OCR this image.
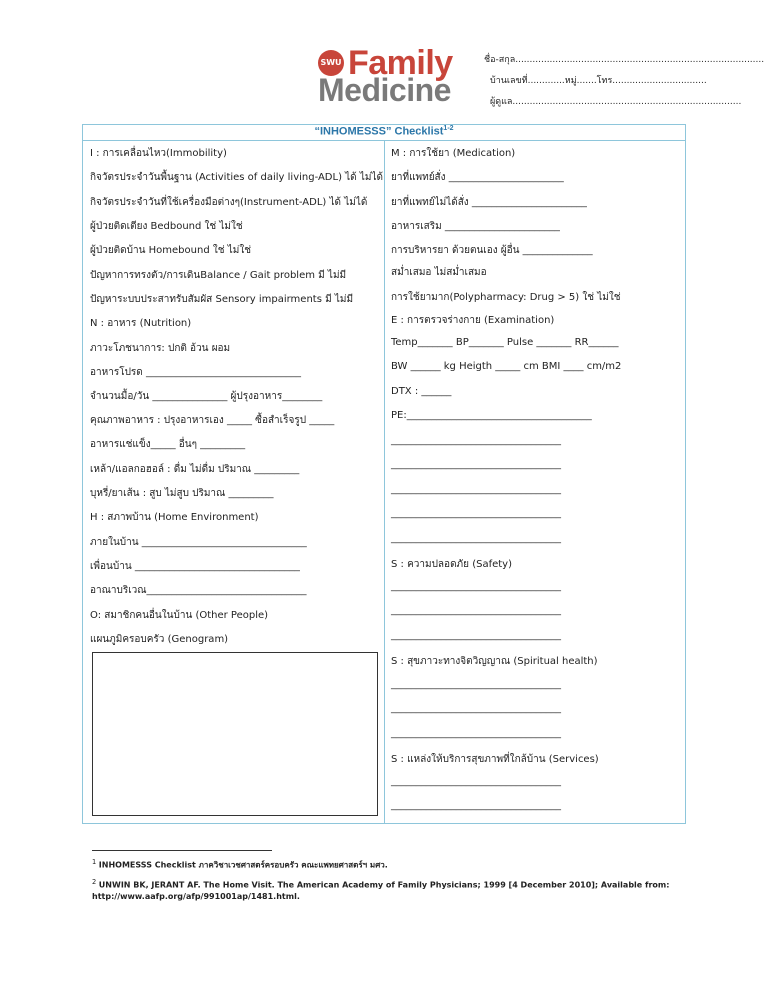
SWU Family
Medicine
ชื่อ-สกุล.......................................................................................
บ้านเลขที่.............หมู่.......โทร.................................
ผู้ดูแล................................................................................
“INHOMESSS” Checklist$^{1-2}$
I : การเคลื่อนไหว(Immobility)
กิจวัตรประจำวันพื้นฐาน (Activities of daily living-ADL) ได้ ไม่ได้
กิจวัตรประจำวันที่ใช้เครื่องมือต่างๆ(Instrument-ADL) ได้ ไม่ได้
ผู้ป่วยติดเตียง Bedbound ใช่ ไม่ใช่
ผู้ป่วยติดบ้าน Homebound ใช่ ไม่ใช่
ปัญหาการทรงตัว/การเดินBalance / Gait problem มี ไม่มี
ปัญหาระบบประสาทรับสัมผัส Sensory impairments มี ไม่มี
N : อาหาร (Nutrition)
ภาวะโภชนาการ: ปกติ อ้วน ผอม
อาหารโปรด _______________________________
จำนวนมื้อ/วัน _______________ ผู้ปรุงอาหาร________
คุณภาพอาหาร : ปรุงอาหารเอง _____ ซื้อสำเร็จรูป _____
อาหารแช่แข็ง_____ อื่นๆ _________
เหล้า/แอลกอฮอล์ : ดื่ม ไม่ดื่ม ปริมาณ _________
บุหรี่/ยาเส้น : สูบ ไม่สูบ ปริมาณ _________
H : สภาพบ้าน (Home Environment)
ภายในบ้าน _________________________________
เพื่อนบ้าน _________________________________
อาณาบริเวณ________________________________
O: สมาชิกคนอื่นในบ้าน (Other People)
แผนภูมิครอบครัว (Genogram)
M : การใช้ยา (Medication)
ยาที่แพทย์สั่ง _______________________
ยาที่แพทย์ไม่ได้สั่ง _______________________
อาหารเสริม _______________________
การบริหารยา ด้วยตนเอง ผู้อื่น ______________
สม่ำเสมอ ไม่สม่ำเสมอ
การใช้ยามาก(Polypharmacy: Drug > 5) ใช่ ไม่ใช่
E : การตรวจร่างกาย (Examination)
Temp_______ BP_______ Pulse _______ RR______
BW ______ kg Heigth _____ cm BMI ____ cm/m2
DTX : ______
PE:_____________________________________
__________________________________
__________________________________
__________________________________
__________________________________
__________________________________
S : ความปลอดภัย (Safety)
__________________________________
__________________________________
__________________________________
S : สุขภาวะทางจิตวิญญาณ (Spiritual health)
__________________________________
__________________________________
__________________________________
S : แหล่งให้บริการสุขภาพที่ใกล้บ้าน (Services)
__________________________________
__________________________________
$^1$ INHOMESSS Checklist ภาควิชาเวชศาสตร์ครอบครัว คณะแพทยศาสตร์ฯ มศว.
$^2$ UNWIN BK, JERANT AF. The Home Visit. The American Academy of Family Physicians; 1999 [4 December 2010]; Available from:
http://www.aafp.org/afp/991001ap/1481.html.
